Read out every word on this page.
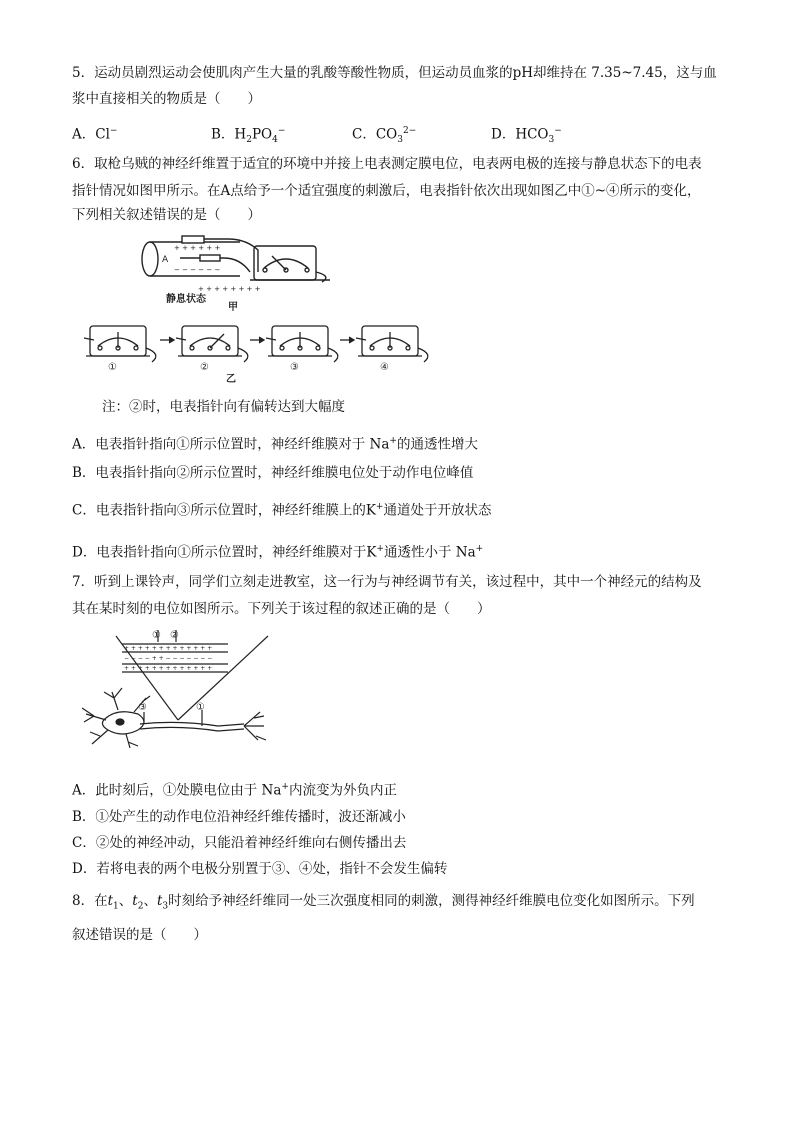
5．运动员剧烈运动会使肌肉产生大量的乳酸等酸性物质，但运动员血浆的pH却维持在 7.35~7.45，这与血
浆中直接相关的物质是（　　）
A．Cl−	B．$H_2PO_4^-$	C．$CO_3^{2-}$	D．$HCO_3^-$
6．取枪乌贼的神经纤维置于适宜的环境中并接上电表测定膜电位，电表两电极的连接与静息状态下的电表
指针情况如图甲所示。在A点给予一个适宜强度的刺激后，电表指针依次出现如图乙中①~④所示的变化，
下列相关叙述错误的是（　　）
+ + + + + +
− − − − − −
+ + + + + + + +
A
静息状态
甲
①	②	③	④
乙
注：②时，电表指针向有偏转达到大幅度
A．电表指针指向①所示位置时，神经纤维膜对于 Na+的通透性增大
B．电表指针指向②所示位置时，神经纤维膜电位处于动作电位峰值
C．电表指针指向③所示位置时，神经纤维膜上的K+通道处于开放状态
D．电表指针指向①所示位置时，神经纤维膜对于K+通透性小于 Na+
7．听到上课铃声，同学们立刻走进教室，这一行为与神经调节有关，该过程中，其中一个神经元的结构及
其在某时刻的电位如图所示。下列关于该过程的叙述正确的是（　　）
+ + + + + + + + + + + + +
− − − − + + − − − − − − −
+ + + + + + + + + + + + +
① ②
③	①
A．此时刻后，①处膜电位由于 Na+内流变为外负内正
B．①处产生的动作电位沿神经纤维传播时，波还渐减小
C．②处的神经冲动，只能沿着神经纤维向右侧传播出去
D．若将电表的两个电极分别置于③、④处，指针不会发生偏转
8．在$t_1$、$t_2$、$t_3$时刻给予神经纤维同一处三次强度相同的刺激，测得神经纤维膜电位变化如图所示。下列
叙述错误的是（　　）
